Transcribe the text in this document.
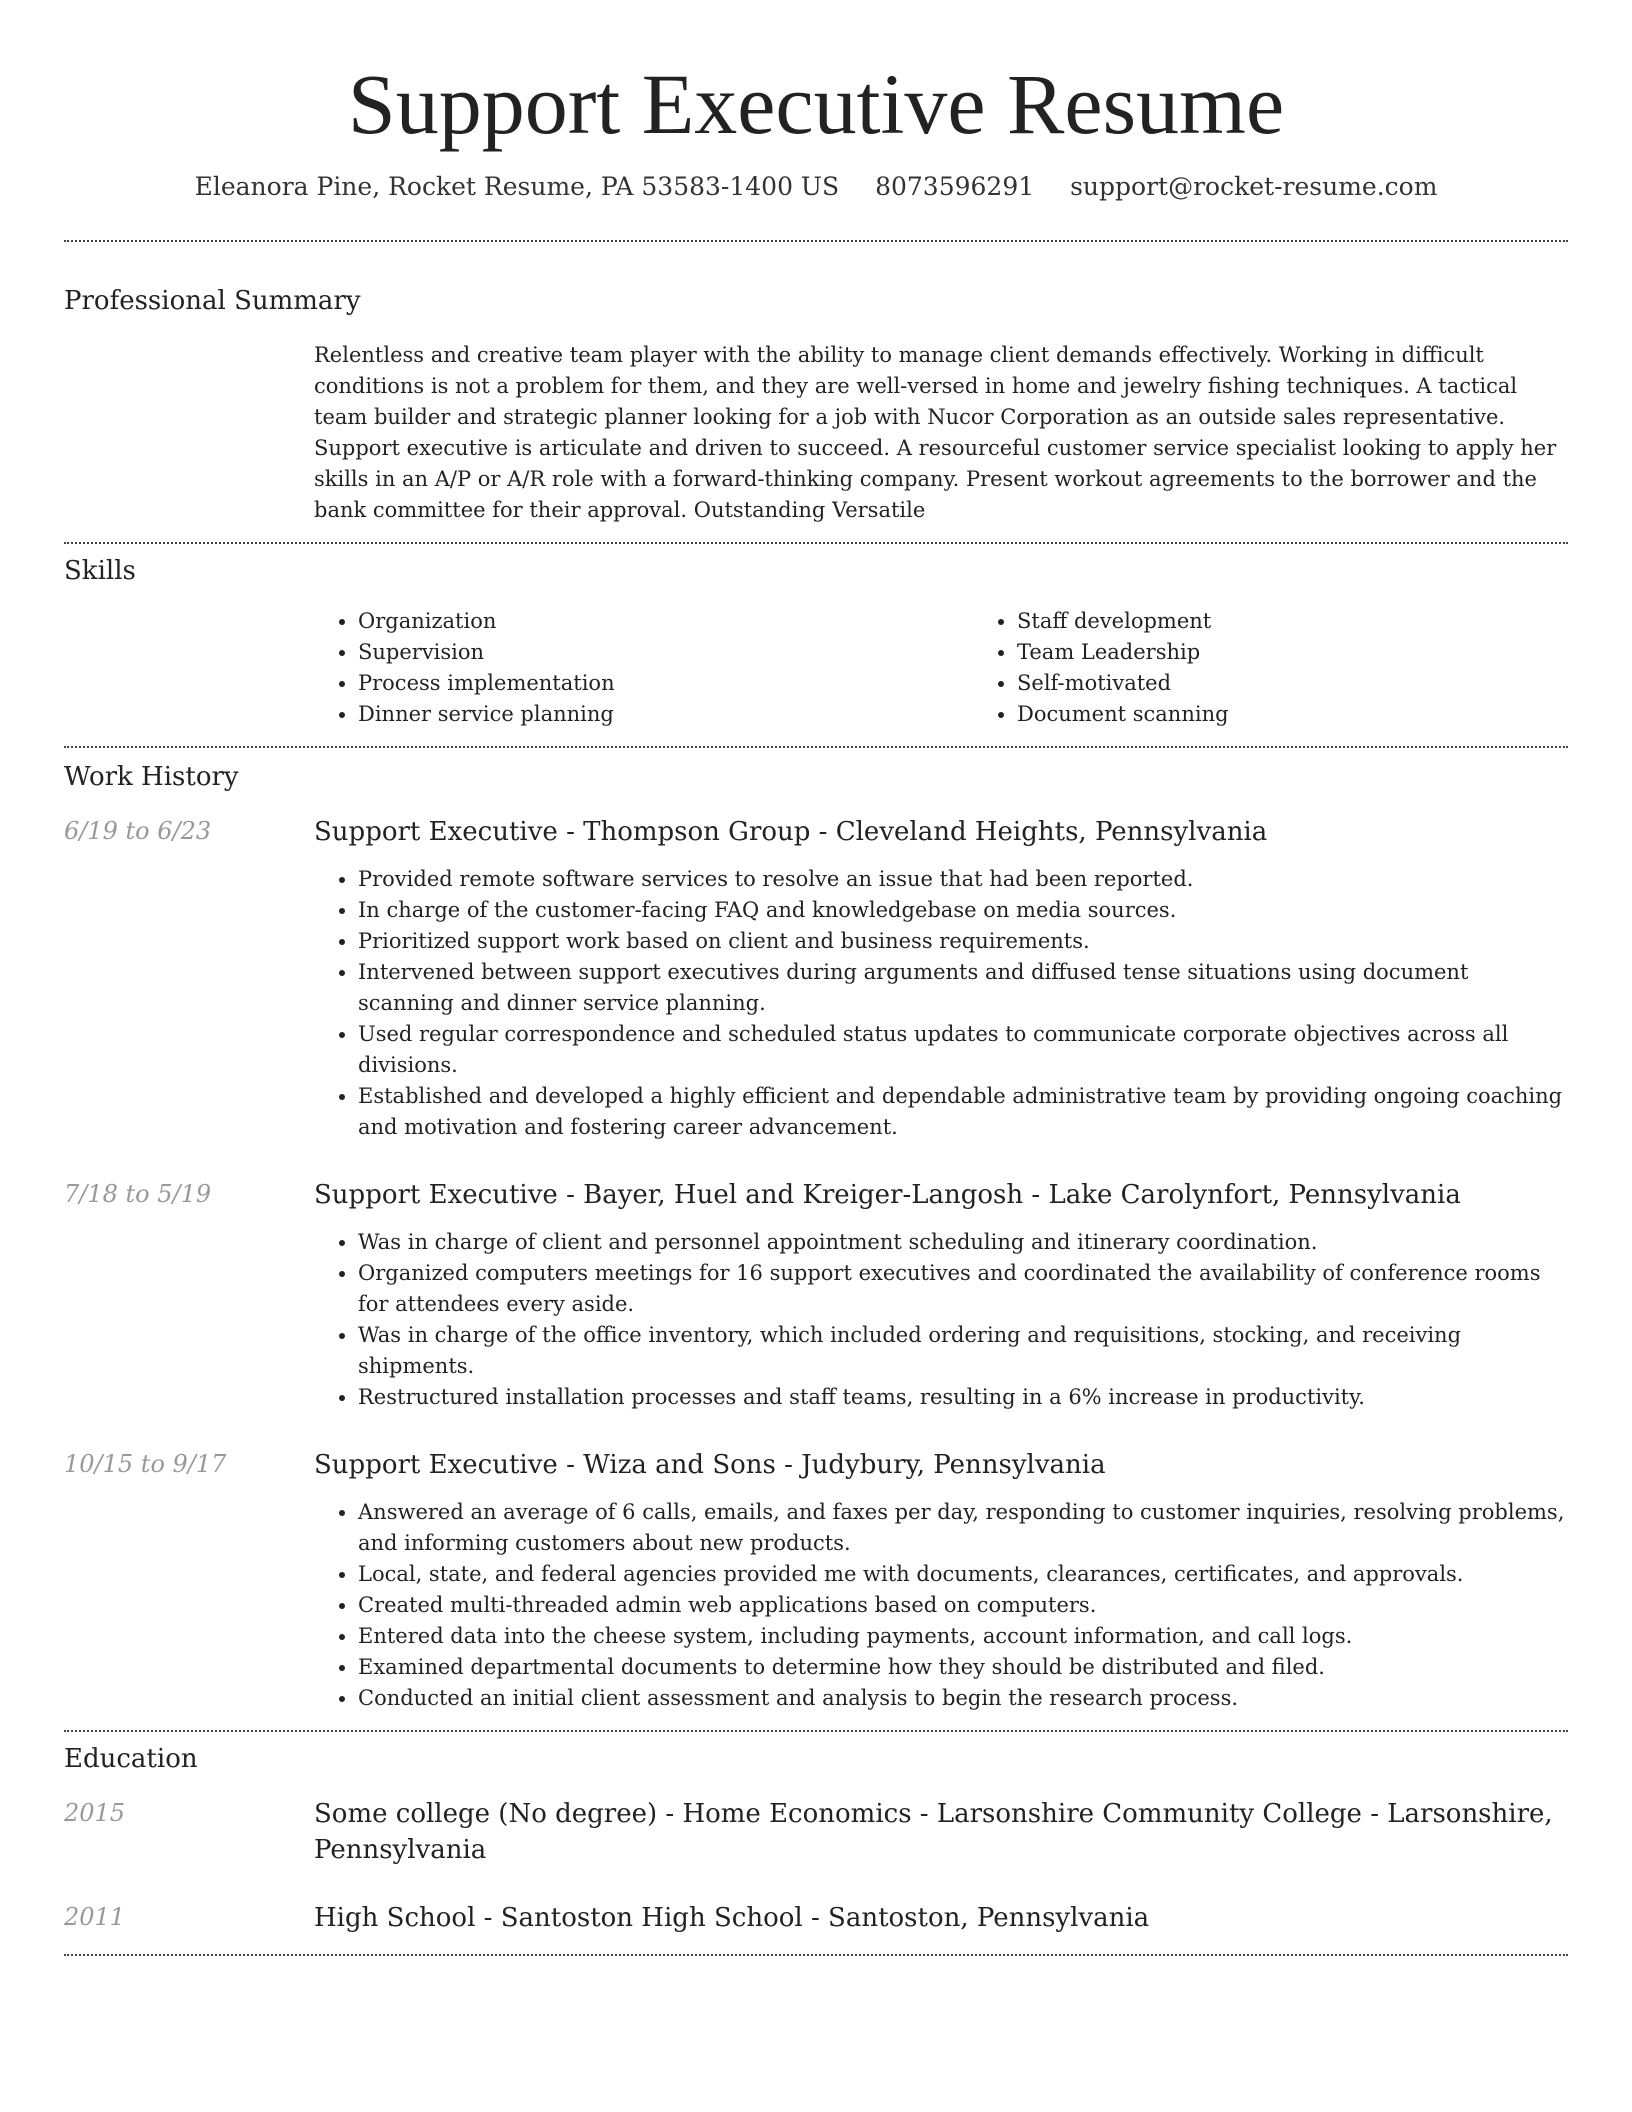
Support Executive Resume
Eleanora Pine, Rocket Resume, PA 53583-1400 US 8073596291 support@rocket-resume.com
Professional Summary
Relentless and creative team player with the ability to manage client demands effectively. Working in difficult conditions is not a problem for them, and they are well-versed in home and jewelry fishing techniques. A tactical team builder and strategic planner looking for a job with Nucor Corporation as an outside sales representative. Support executive is articulate and driven to succeed. A resourceful customer service specialist looking to apply her skills in an A/P or A/R role with a forward-thinking company. Present workout agreements to the borrower and the bank committee for their approval. Outstanding Versatile
Skills
• Organization
• Supervision
• Process implementation
• Dinner service planning
• Staff development
• Team Leadership
• Self-motivated
• Document scanning
Work History
6/19 to 6/23	Support Executive - Thompson Group - Cleveland Heights, Pennsylvania
• Provided remote software services to resolve an issue that had been reported.
• In charge of the customer-facing FAQ and knowledgebase on media sources.
• Prioritized support work based on client and business requirements.
• Intervened between support executives during arguments and diffused tense situations using document scanning and dinner service planning.
• Used regular correspondence and scheduled status updates to communicate corporate objectives across all divisions.
• Established and developed a highly efficient and dependable administrative team by providing ongoing coaching and motivation and fostering career advancement.
7/18 to 5/19	Support Executive - Bayer, Huel and Kreiger-Langosh - Lake Carolynfort, Pennsylvania
• Was in charge of client and personnel appointment scheduling and itinerary coordination.
• Organized computers meetings for 16 support executives and coordinated the availability of conference rooms for attendees every aside.
• Was in charge of the office inventory, which included ordering and requisitions, stocking, and receiving shipments.
• Restructured installation processes and staff teams, resulting in a 6% increase in productivity.
10/15 to 9/17	Support Executive - Wiza and Sons - Judybury, Pennsylvania
• Answered an average of 6 calls, emails, and faxes per day, responding to customer inquiries, resolving problems, and informing customers about new products.
• Local, state, and federal agencies provided me with documents, clearances, certificates, and approvals.
• Created multi-threaded admin web applications based on computers.
• Entered data into the cheese system, including payments, account information, and call logs.
• Examined departmental documents to determine how they should be distributed and filed.
• Conducted an initial client assessment and analysis to begin the research process.
Education
2015	Some college (No degree) - Home Economics - Larsonshire Community College - Larsonshire, Pennsylvania
2011	High School - Santoston High School - Santoston, Pennsylvania
